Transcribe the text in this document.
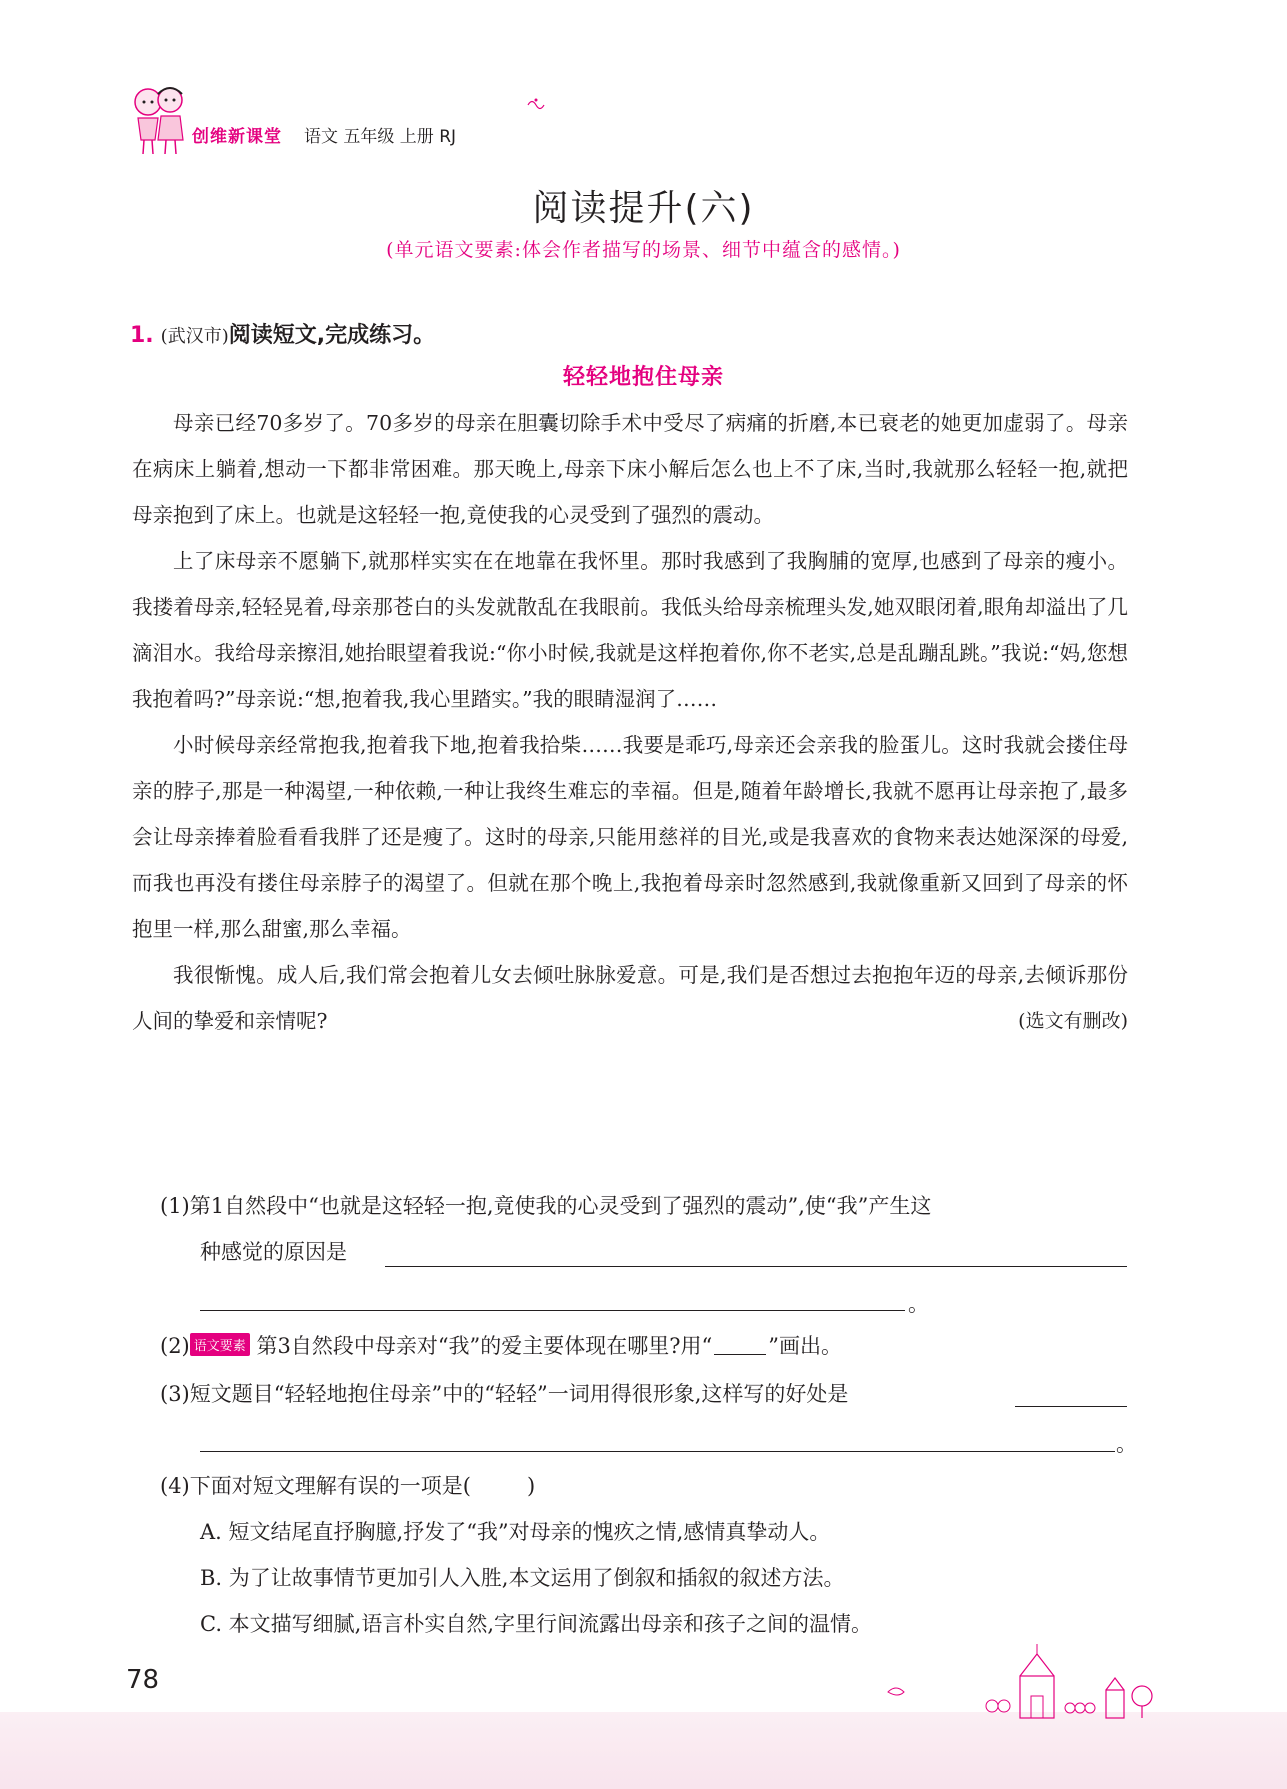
创维新课堂 语文 五年级 上册 RJ
阅读提升(六)
(单元语文要素:体会作者描写的场景、细节中蕴含的感情。)
1. (武汉市)阅读短文,完成练习。
轻轻地抱住母亲

母亲已经70多岁了。70多岁的母亲在胆囊切除手术中受尽了病痛的折磨,本已衰老的她更加虚弱了。母亲在病床上躺着,想动一下都非常困难。那天晚上,母亲下床小解后怎么也上不了床,当时,我就那么轻轻一抱,就把母亲抱到了床上。也就是这轻轻一抱,竟使我的心灵受到了强烈的震动。

上了床母亲不愿躺下,就那样实实在在地靠在我怀里。那时我感到了我胸脯的宽厚,也感到了母亲的瘦小。我搂着母亲,轻轻晃着,母亲那苍白的头发就散乱在我眼前。我低头给母亲梳理头发,她双眼闭着,眼角却溢出了几滴泪水。我给母亲擦泪,她抬眼望着我说:“你小时候,我就是这样抱着你,你不老实,总是乱蹦乱跳。”我说:“妈,您想我抱着吗?”母亲说:“想,抱着我,我心里踏实。”我的眼睛湿润了……

小时候母亲经常抱我,抱着我下地,抱着我拾柴……我要是乖巧,母亲还会亲我的脸蛋儿。这时我就会搂住母亲的脖子,那是一种渴望,一种依赖,一种让我终生难忘的幸福。但是,随着年龄增长,我就不愿再让母亲抱了,最多会让母亲捧着脸看看我胖了还是瘦了。这时的母亲,只能用慈祥的目光,或是我喜欢的食物来表达她深深的母爱,而我也再没有搂住母亲脖子的渴望了。但就在那个晚上,我抱着母亲时忽然感到,我就像重新又回到了母亲的怀抱里一样,那么甜蜜,那么幸福。

我很惭愧。成人后,我们常会抱着儿女去倾吐脉脉爱意。可是,我们是否想过去抱抱年迈的母亲,去倾诉那份人间的挚爱和亲情呢?	(选文有删改)

(1)第1自然段中“也就是这轻轻一抱,竟使我的心灵受到了强烈的震动”,使“我”产生这
种感觉的原因是
。
(2) 语文要素 第3自然段中母亲对“我”的爱主要体现在哪里?用“	”画出。
(3)短文题目“轻轻地抱住母亲”中的“轻轻”一词用得很形象,这样写的好处是
。
(4)下面对短文理解有误的一项是(	)
A. 短文结尾直抒胸臆,抒发了“我”对母亲的愧疚之情,感情真挚动人。
B. 为了让故事情节更加引人入胜,本文运用了倒叙和插叙的叙述方法。
C. 本文描写细腻,语言朴实自然,字里行间流露出母亲和孩子之间的温情。
78
